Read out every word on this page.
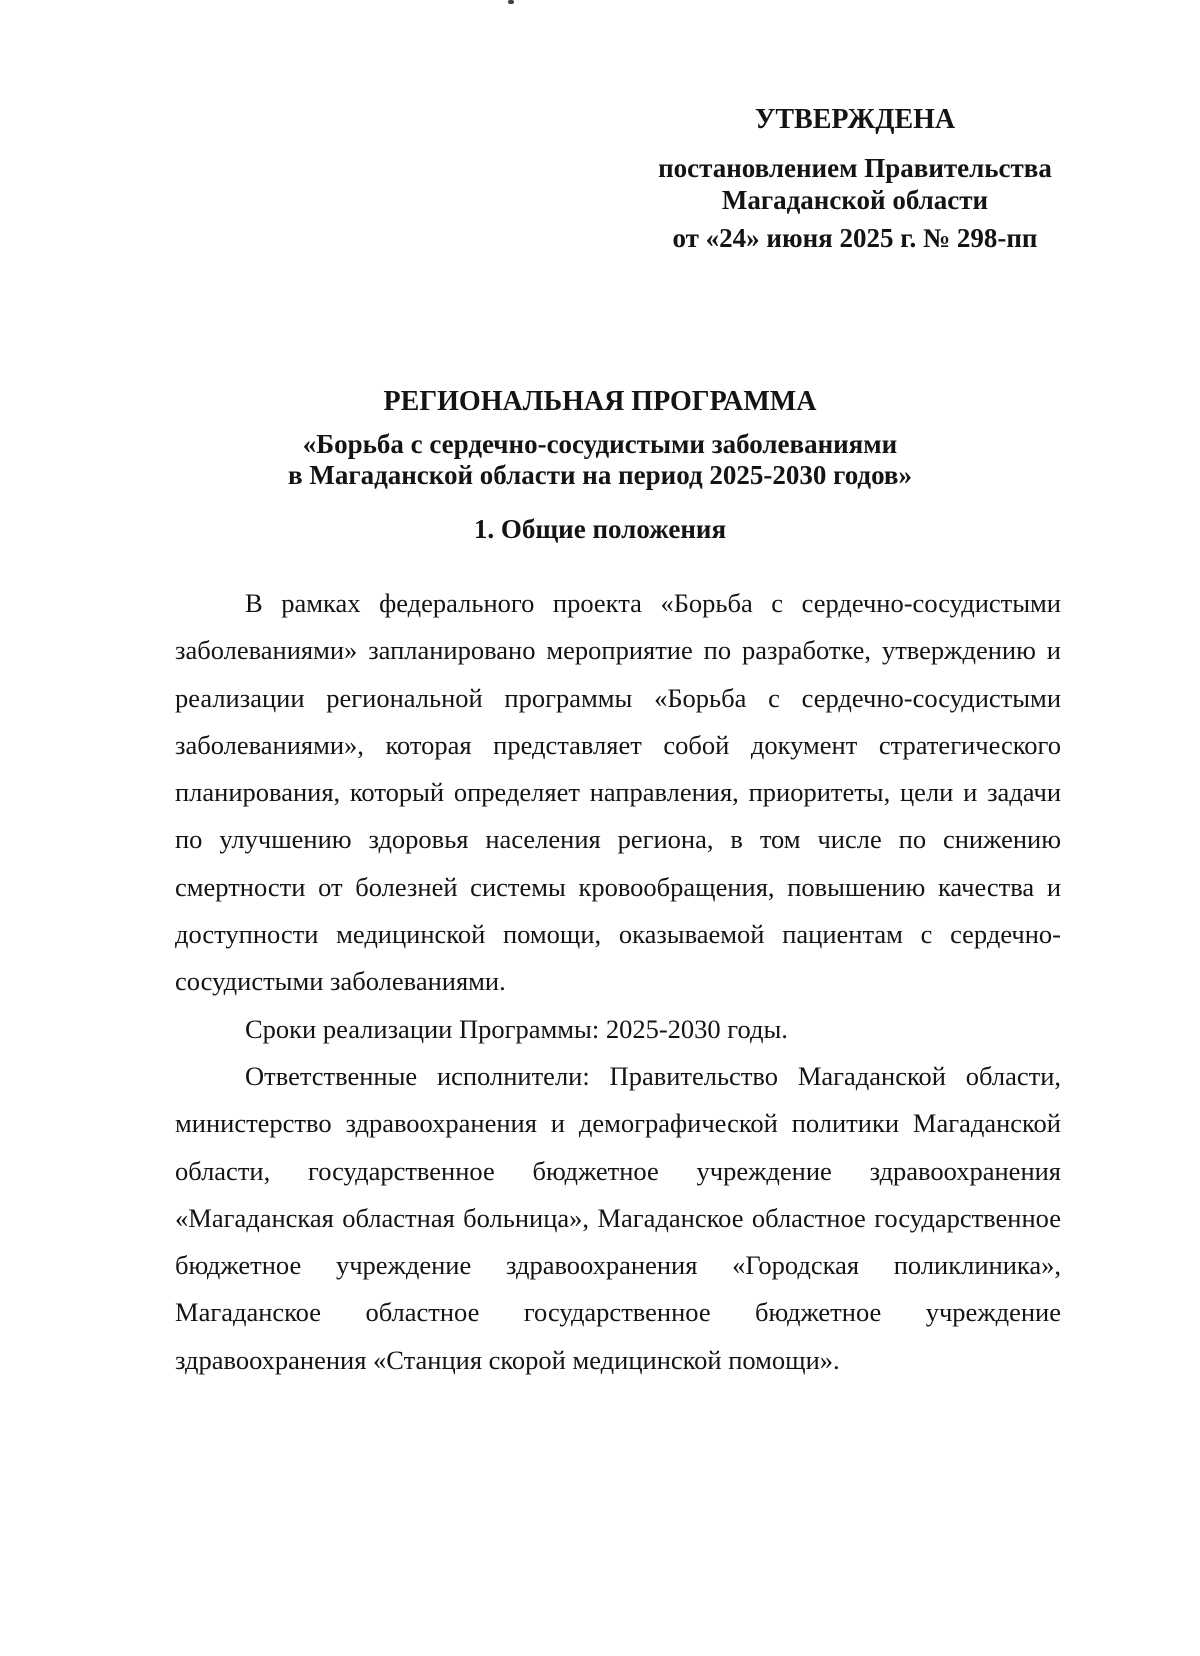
УТВЕРЖДЕНА
постановлением Правительства
Магаданской области
от «24» июня 2025 г. № 298-пп
РЕГИОНАЛЬНАЯ ПРОГРАММА
«Борьба с сердечно-сосудистыми заболеваниями
в Магаданской области на период 2025-2030 годов»
1. Общие положения

В рамках федерального проекта «Борьба с сердечно-сосудистыми заболеваниями» запланировано мероприятие по разработке, утверждению и реализации региональной программы «Борьба с сердечно-сосудистыми заболеваниями», которая представляет собой документ стратегического планирования, который определяет направления, приоритеты, цели и задачи по улучшению здоровья населения региона, в том числе по снижению смертности от болезней системы кровообращения, повышению качества и доступности медицинской помощи, оказываемой пациентам с сердечно-сосудистыми заболеваниями.

Сроки реализации Программы: 2025-2030 годы.

Ответственные исполнители: Правительство Магаданской области, министерство здравоохранения и демографической политики Магаданской области, государственное бюджетное учреждение здравоохранения «Магаданская областная больница», Магаданское областное государственное бюджетное учреждение здравоохранения «Городская поликлиника», Магаданское областное государственное бюджетное учреждение здравоохранения «Станция скорой медицинской помощи».
